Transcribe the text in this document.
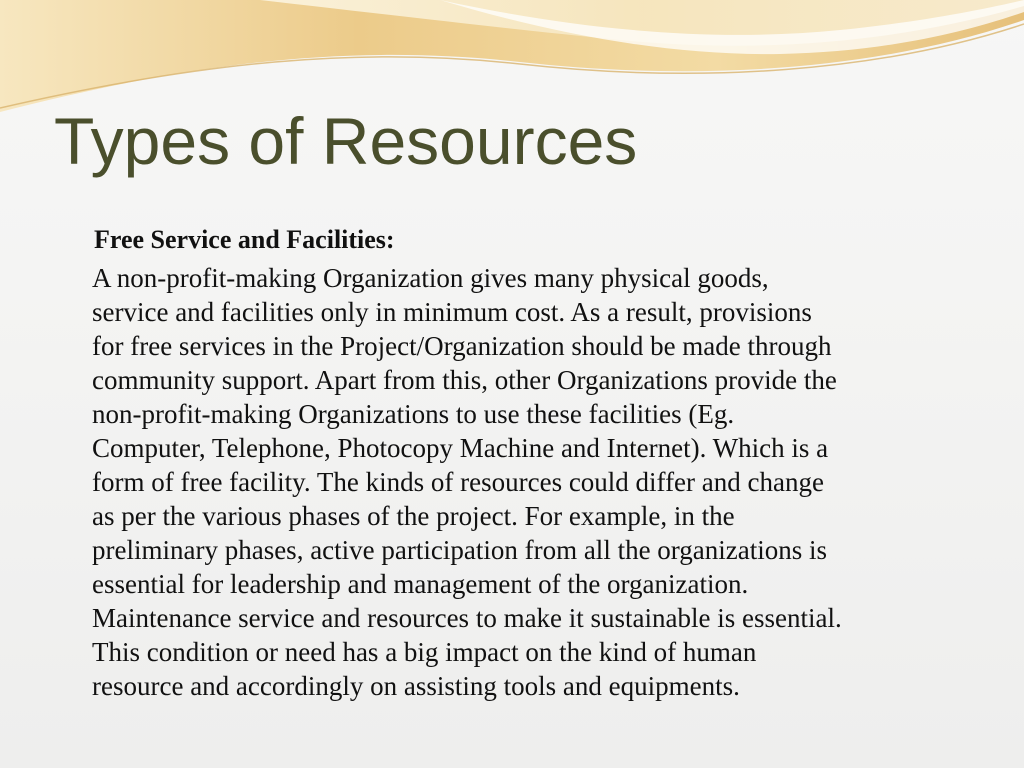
Types of Resources

Free Service and Facilities:

A non-profit-making Organization gives many physical goods,
service and facilities only in minimum cost. As a result, provisions
for free services in the Project/Organization should be made through
community support. Apart from this, other Organizations provide the
non-profit-making Organizations to use these facilities (Eg.
Computer, Telephone, Photocopy Machine and Internet). Which is a
form of free facility. The kinds of resources could differ and change
as per the various phases of the project. For example, in the
preliminary phases, active participation from all the organizations is
essential for leadership and management of the organization.
Maintenance service and resources to make it sustainable is essential.
This condition or need has a big impact on the kind of human
resource and accordingly on assisting tools and equipments.
